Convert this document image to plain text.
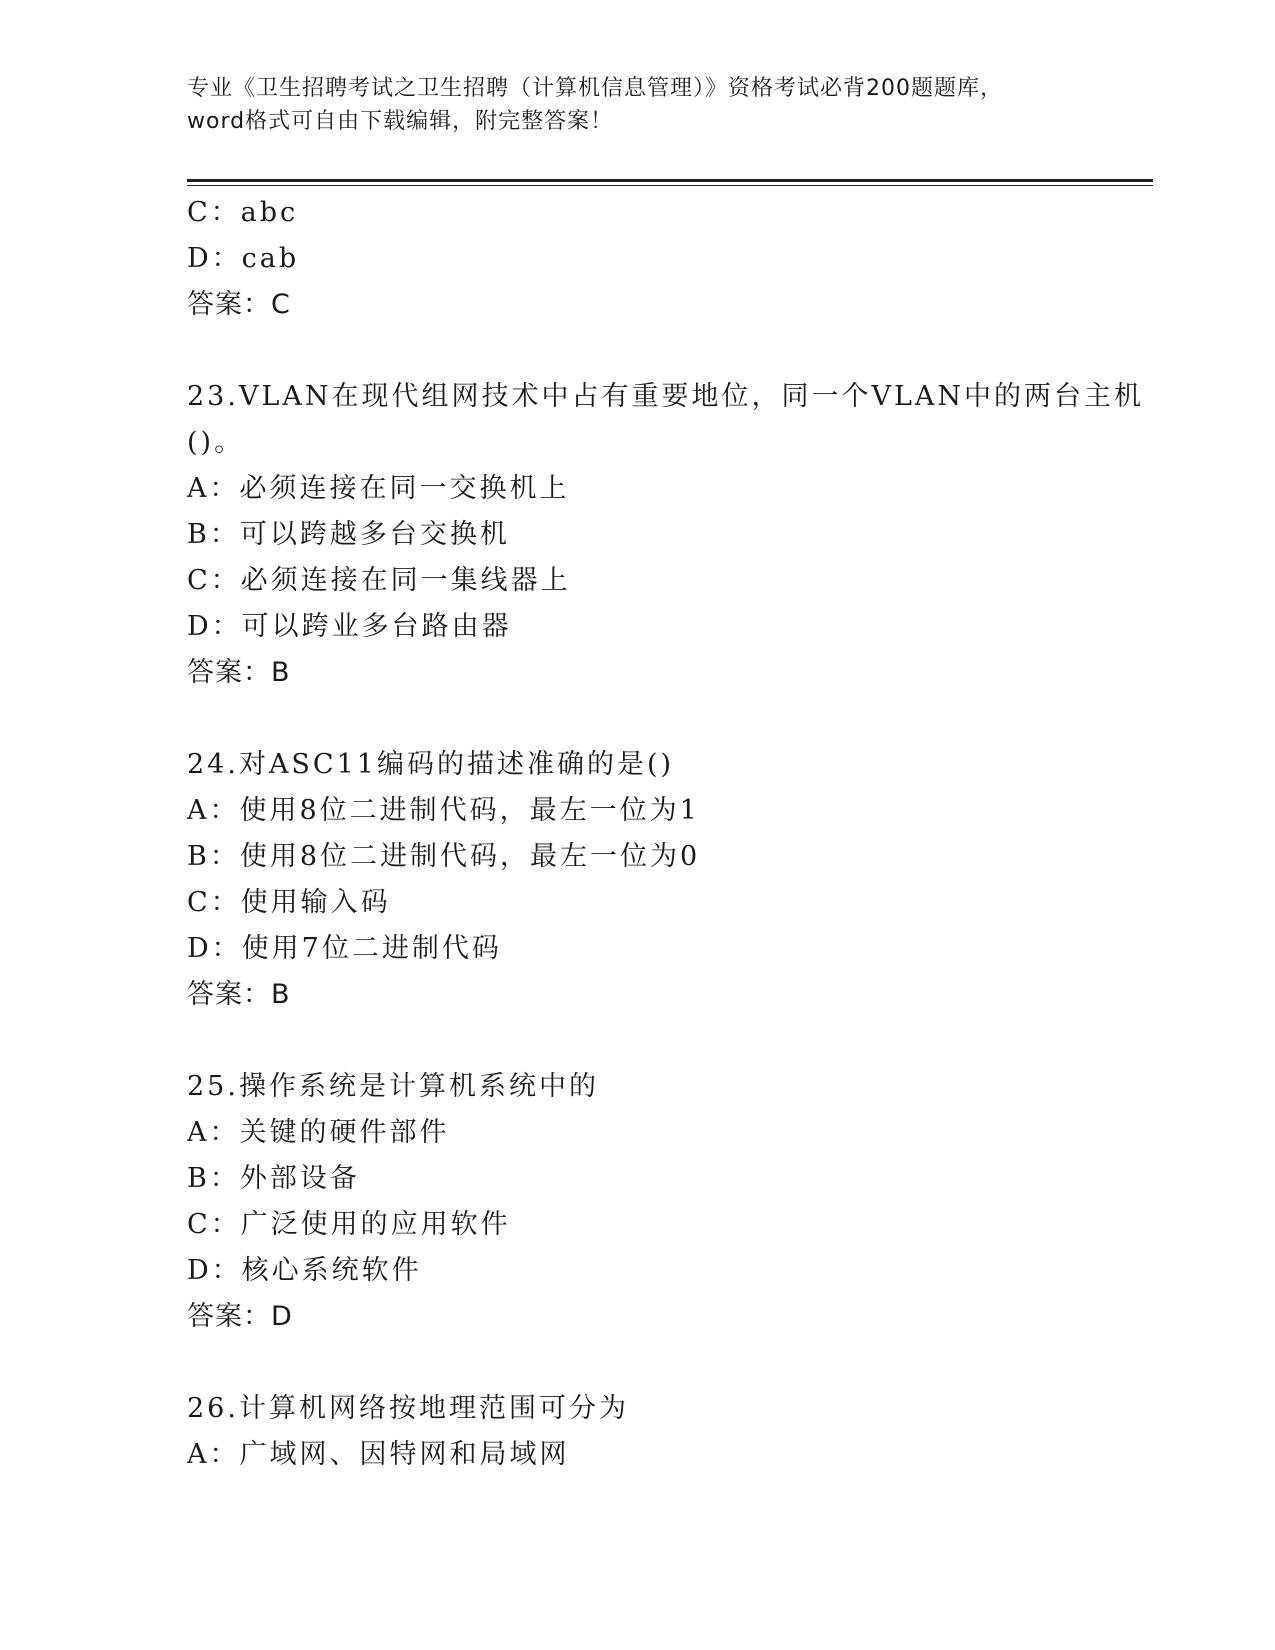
专业《卫生招聘考试之卫生招聘（计算机信息管理）》资格考试必背200题题库，
word格式可自由下载编辑，附完整答案！
C：abc
D：cab
答案：C
23.VLAN在现代组网技术中占有重要地位，同一个VLAN中的两台主机
()。
A：必须连接在同一交换机上
B：可以跨越多台交换机
C：必须连接在同一集线器上
D：可以跨业多台路由器
答案：B
24.对ASC11编码的描述准确的是()
A：使用8位二进制代码，最左一位为1
B：使用8位二进制代码，最左一位为0
C：使用输入码
D：使用7位二进制代码
答案：B
25.操作系统是计算机系统中的
A：关键的硬件部件
B：外部设备
C：广泛使用的应用软件
D：核心系统软件
答案：D
26.计算机网络按地理范围可分为
A：广域网、因特网和局域网
